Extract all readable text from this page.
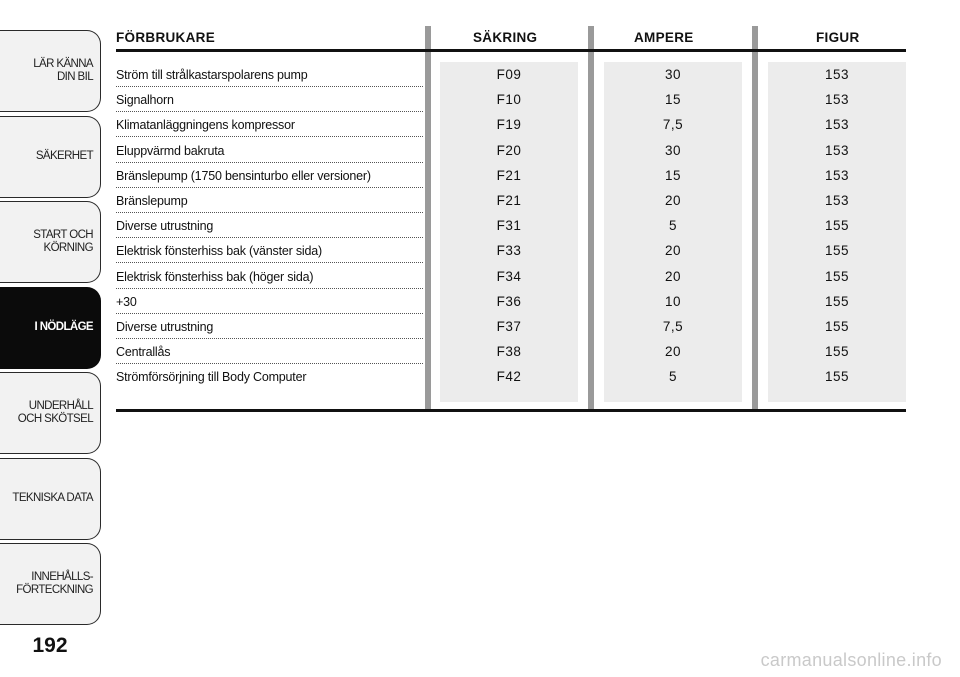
LÄR KÄNNA
DIN BIL
SÄKERHET
START OCH
KÖRNING
I NÖDLÄGE
UNDERHÅLL
OCH SKÖTSEL
TEKNISKA DATA
INNEHÅLLS-
FÖRTECKNING
192
FÖRBRUKARE	SÄKRING	AMPERE	FIGUR
Ström till strålkastarspolarens pump	F09	30	153
Signalhorn	F10	15	153
Klimatanläggningens kompressor	F19	7,5	153
Eluppvärmd bakruta	F20	30	153
Bränslepump (1750 bensinturbo eller versioner)	F21	15	153
Bränslepump	F21	20	153
Diverse utrustning	F31	5	155
Elektrisk fönsterhiss bak (vänster sida)	F33	20	155
Elektrisk fönsterhiss bak (höger sida)	F34	20	155
+30	F36	10	155
Diverse utrustning	F37	7,5	155
Centrallås	F38	20	155
Strömförsörjning till Body Computer	F42	5	155
carmanualsonline.info
